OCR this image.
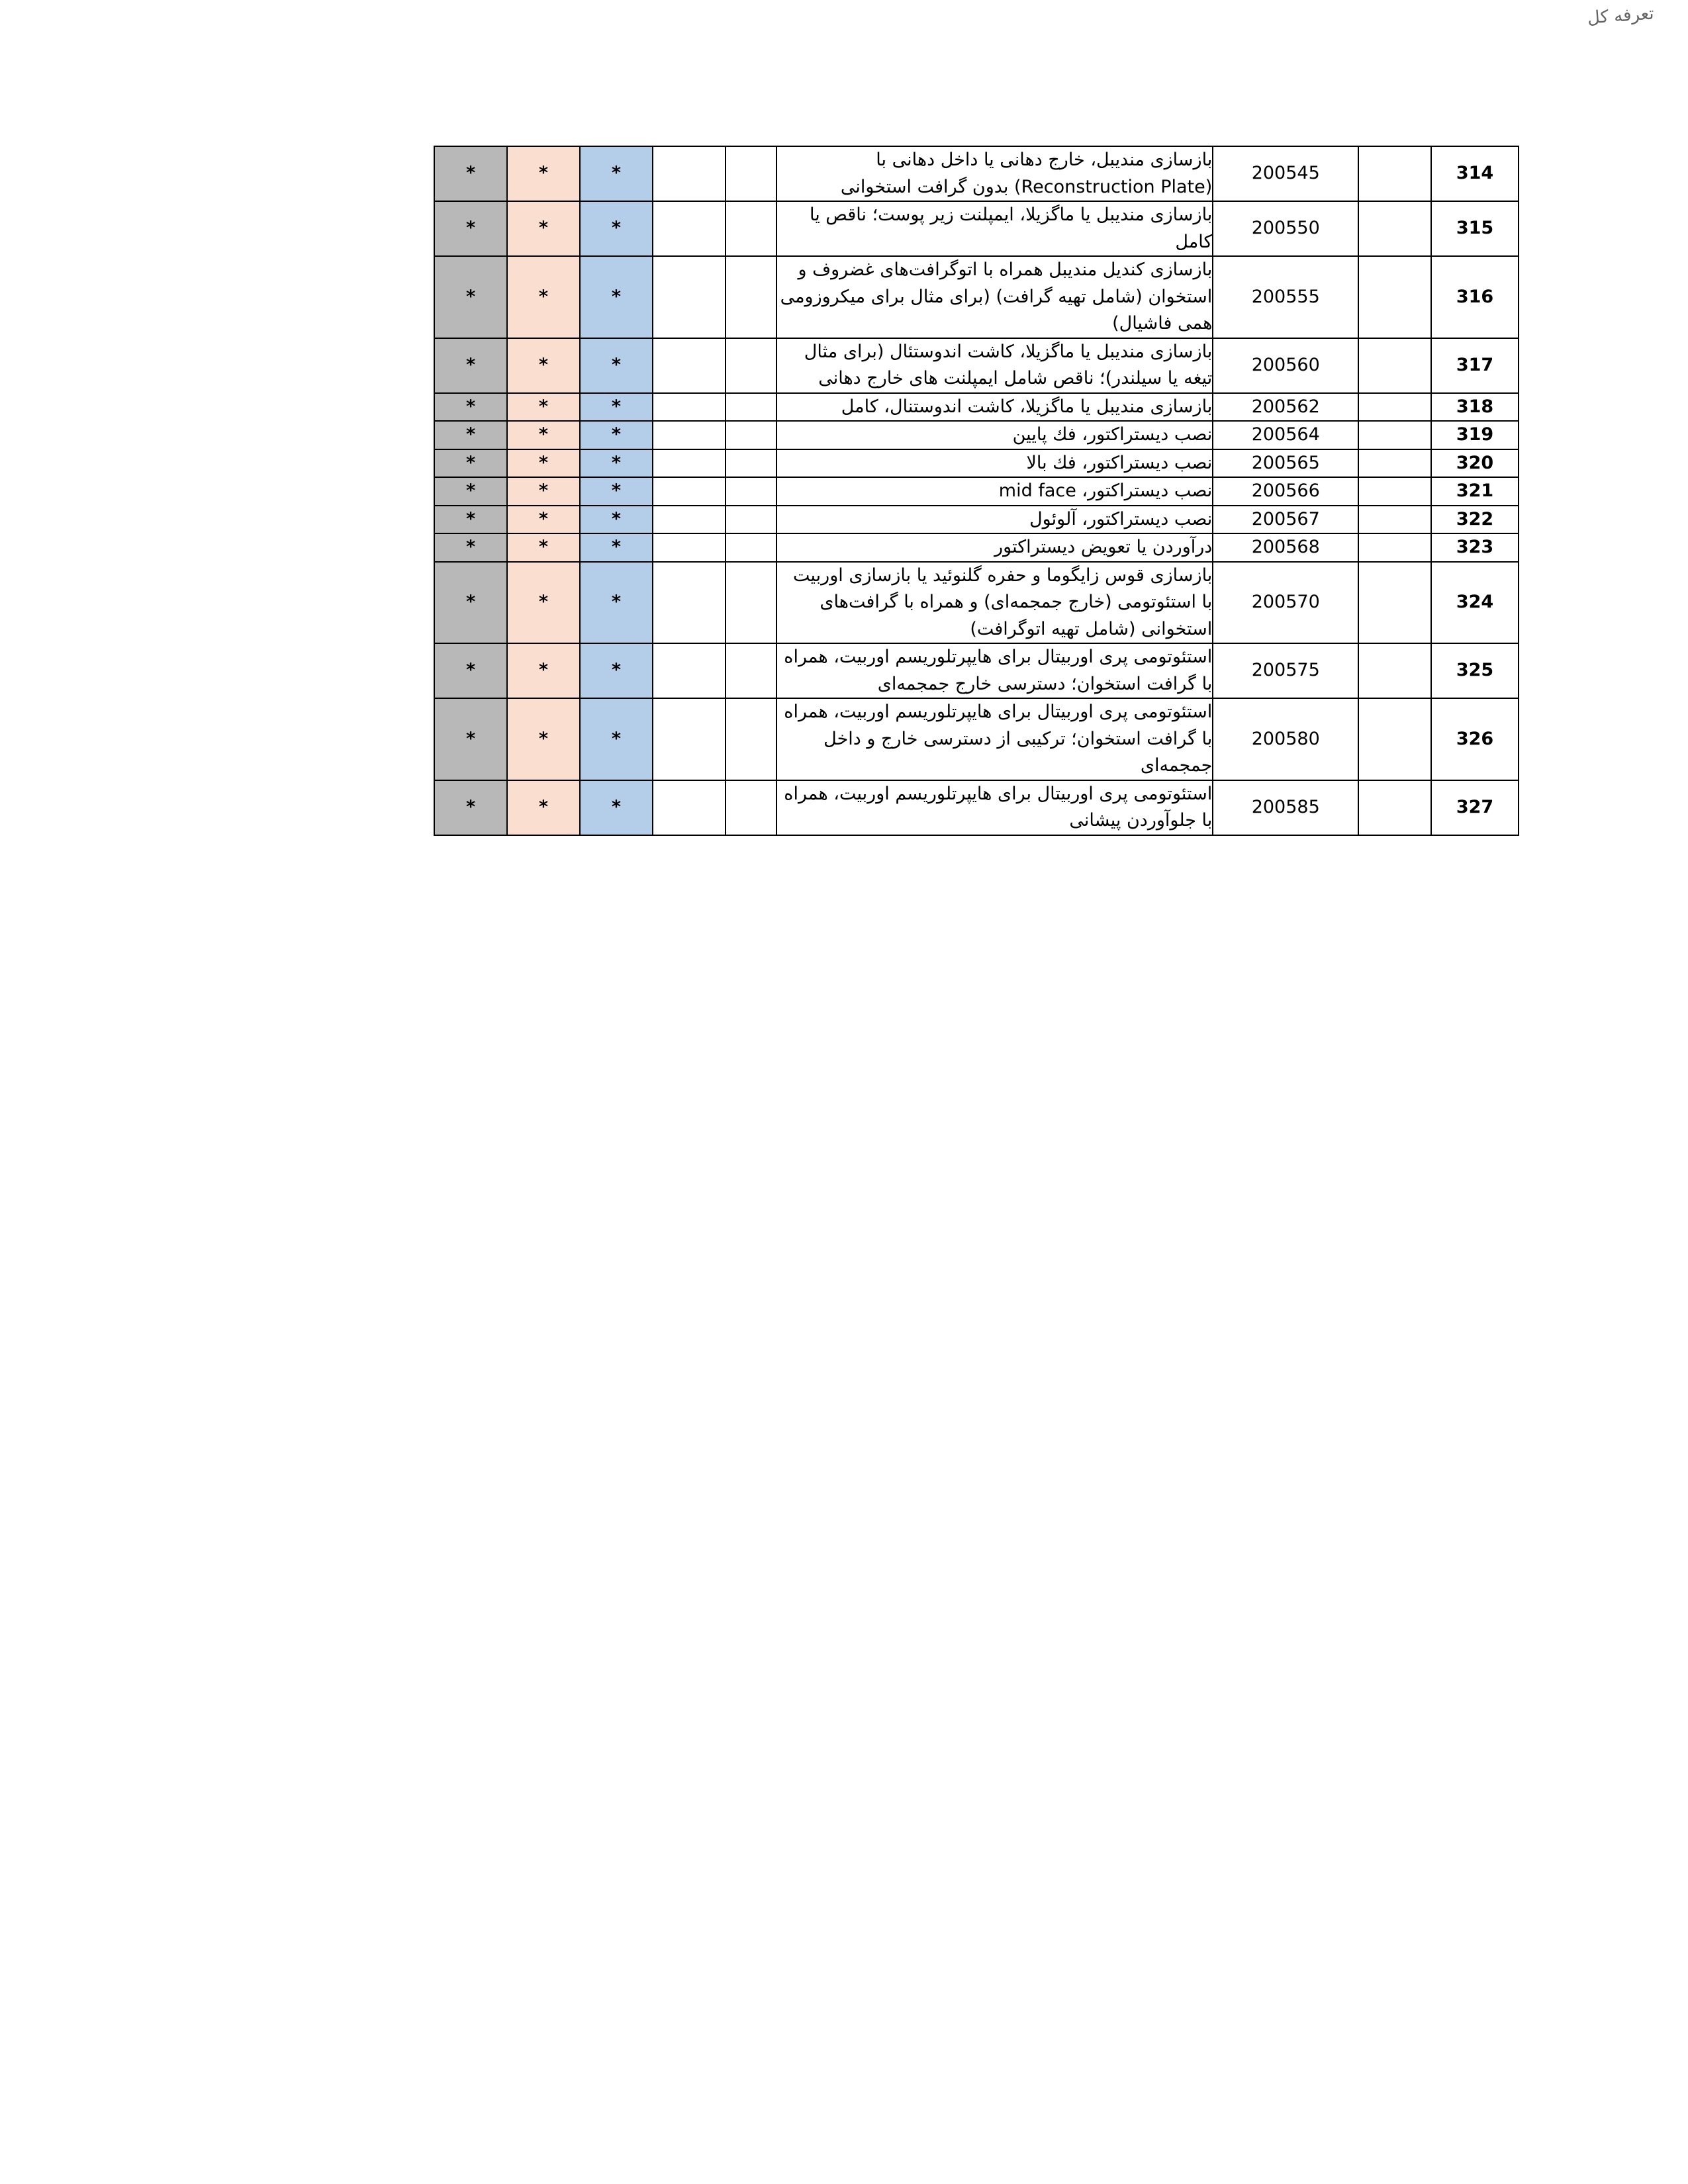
تعرفه کل
314		200545	بازسازی مندیبل، خارج دهانی یا داخل دهانی با (Reconstruction Plate) بدون گرافت استخوانی			*	*	*
315		200550	بازسازی مندیبل یا ماگزیلا، ایمپلنت زیر پوست؛ ناقص یا کامل			*	*	*
316		200555	بازسازی کندیل مندیبل همراه با اتوگرافت‌های غضروف و استخوان (شامل تهیه گرافت) (برای مثال برای میکروزومی همی فاشیال)			*	*	*
317		200560	بازسازی مندیبل یا ماگزیلا، کاشت اندوستئال (برای مثال تیغه یا سیلندر)؛ ناقص شامل ایمپلنت های خارج دهانی			*	*	*
318		200562	بازسازی مندیبل یا ماگزیلا، کاشت اندوستنال، کامل			*	*	*
319		200564	نصب دیستراکتور، فك پایین			*	*	*
320		200565	نصب دیستراکتور، فك بالا			*	*	*
321		200566	نصب دیستراکتور، mid face			*	*	*
322		200567	نصب دیستراکتور، آلوئول			*	*	*
323		200568	درآوردن یا تعویض دیستراکتور			*	*	*
324		200570	بازسازی قوس زایگوما و حفره گلنوئید یا بازسازی اوربیت با استئوتومی (خارج جمجمه‌ای) و همراه با گرافت‌های استخوانی (شامل تهیه اتوگرافت)			*	*	*
325		200575	استئوتومی پری اوربیتال برای هایپرتلوریسم اوربیت، همراه با گرافت استخوان؛ دسترسی خارج جمجمه‌ای			*	*	*
326		200580	استئوتومی پری اوربیتال برای هایپرتلوریسم اوربیت، همراه با گرافت استخوان؛ ترکیبی از دسترسی خارج و داخل جمجمه‌ای			*	*	*
327		200585	استئوتومی پری اوربیتال برای هایپرتلوریسم اوربیت، همراه با جلوآوردن پیشانی			*	*	*
